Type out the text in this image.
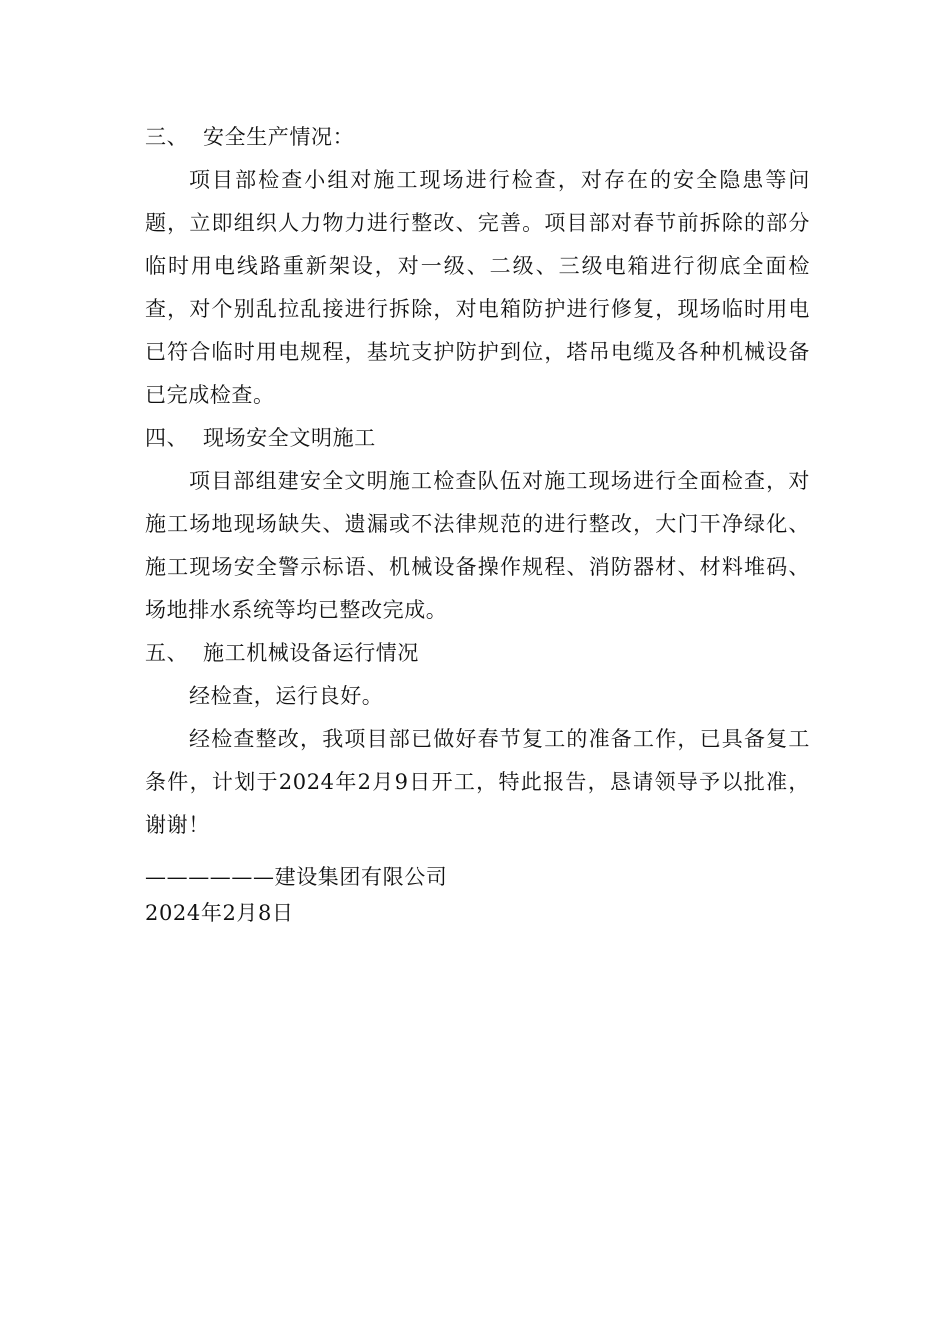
三、 安全生产情况：

项目部检查小组对施工现场进行检查，对存在的安全隐患等问题，立即组织人力物力进行整改、完善。项目部对春节前拆除的部分临时用电线路重新架设，对一级、二级、三级电箱进行彻底全面检查，对个别乱拉乱接进行拆除，对电箱防护进行修复，现场临时用电已符合临时用电规程，基坑支护防护到位，塔吊电缆及各种机械设备已完成检查。

四、 现场安全文明施工

项目部组建安全文明施工检查队伍对施工现场进行全面检查，对施工场地现场缺失、遗漏或不法律规范的进行整改，大门干净绿化、施工现场安全警示标语、机械设备操作规程、消防器材、材料堆码、场地排水系统等均已整改完成。

五、 施工机械设备运行情况

经检查，运行良好。

经检查整改，我项目部已做好春节复工的准备工作，已具备复工条件，计划于2024年2月9日开工，特此报告，恳请领导予以批准，谢谢！

——————建设集团有限公司
2024年2月8日
